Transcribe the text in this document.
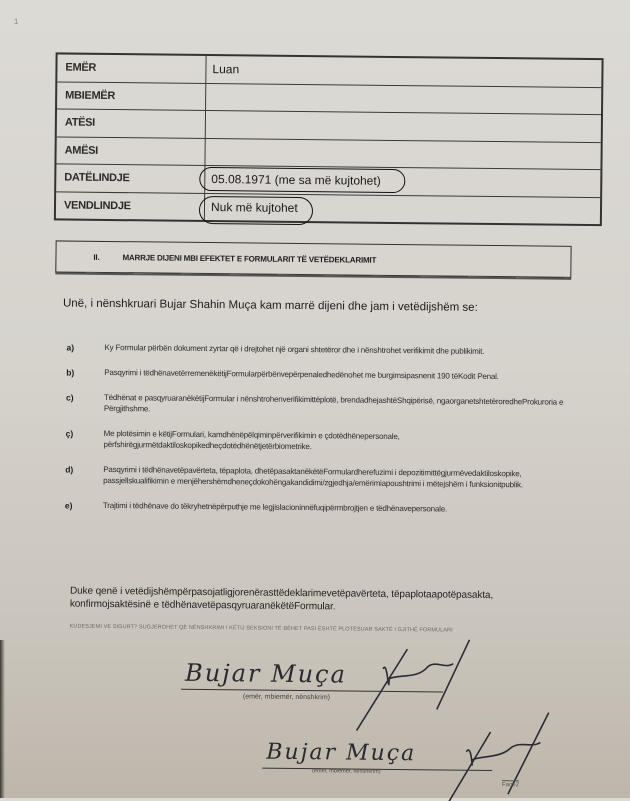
1
EMËR	Luan
MBIEMËR
ATËSI
AMËSI
DATËLINDJE	05.08.1971 (me sa më kujtohet)
VENDLINDJE	Nuk më kujtohet
II.	MARRJE DIJENI MBI EFEKTET E FORMULARIT TË VETËDEKLARIMIT
Unë, i nënshkruari Bujar Shahin Muça kam marrë dijeni dhe jam i vetëdijshëm se:
a)	Ky Formular përbën dokument zyrtar që i drejtohet një organi shtetëror dhe i nënshtrohet verifikimit dhe publikimit.
b)	Pasqyrimi i tëdhënavetërremenëkëtijFormularpërbënvepërpenaledhedënohet me burgimsipasnenit 190 tëKodit Penal.
c)	Tëdhënat e pasqyruaranëkëtijFormular i nënshtrohenverifikimittëplotë, brendadhejashtëShqipërisë, ngaorganetshtetëroredheProkuroria e Përgjithshme.
ç)	Me plotësimin e këtijFormulari, kamdhënëpëlqiminpërverifikimin e çdotëdhënepersonale, përfshirëgjurmëtdaktiloskopikedheçdotëdhënëtjetërbiometrike.
d)	Pasqyrimi i tëdhënavetëpavërteta, tëpaplota, dhetëpasaktanëkëtëFormulardherefuzimi i depozitimittëgjurmëvedaktiloskopike, passjellskualifikimin e menjëhershëmdheneçdokohëngakandidimi/zgjedhja/emërimiapoushtrimi i mëtejshëm i funksionitpublik.
e)	Trajtimi i tëdhënave do tëkryhetnëpërputhje me legjislacioninnëfuqipërmbrojtjen e tëdhënavepersonale.
Duke qenë i vetëdijshëmpërpasojatligjorenërasttëdeklarimevetëpavërteta, tëpaplotaapotëpasakta, konfirmojsaktësinë e tëdhënavetëpasqyruaranëkëtëFormular.
KUDESJEMI VE SIGURT? SUGJEROHET QË NËNSHKRIMI I KËTIJ SEKSIONI TË BËHET PASI ËSHTË PLOTËSUAR SAKTË I GJITHË FORMULARI
Bujar Muça
(emër, mbiemër, nënshkrim)
Bujar Muça
(emër, mbiemër, nënshkrim)
Faqe2
